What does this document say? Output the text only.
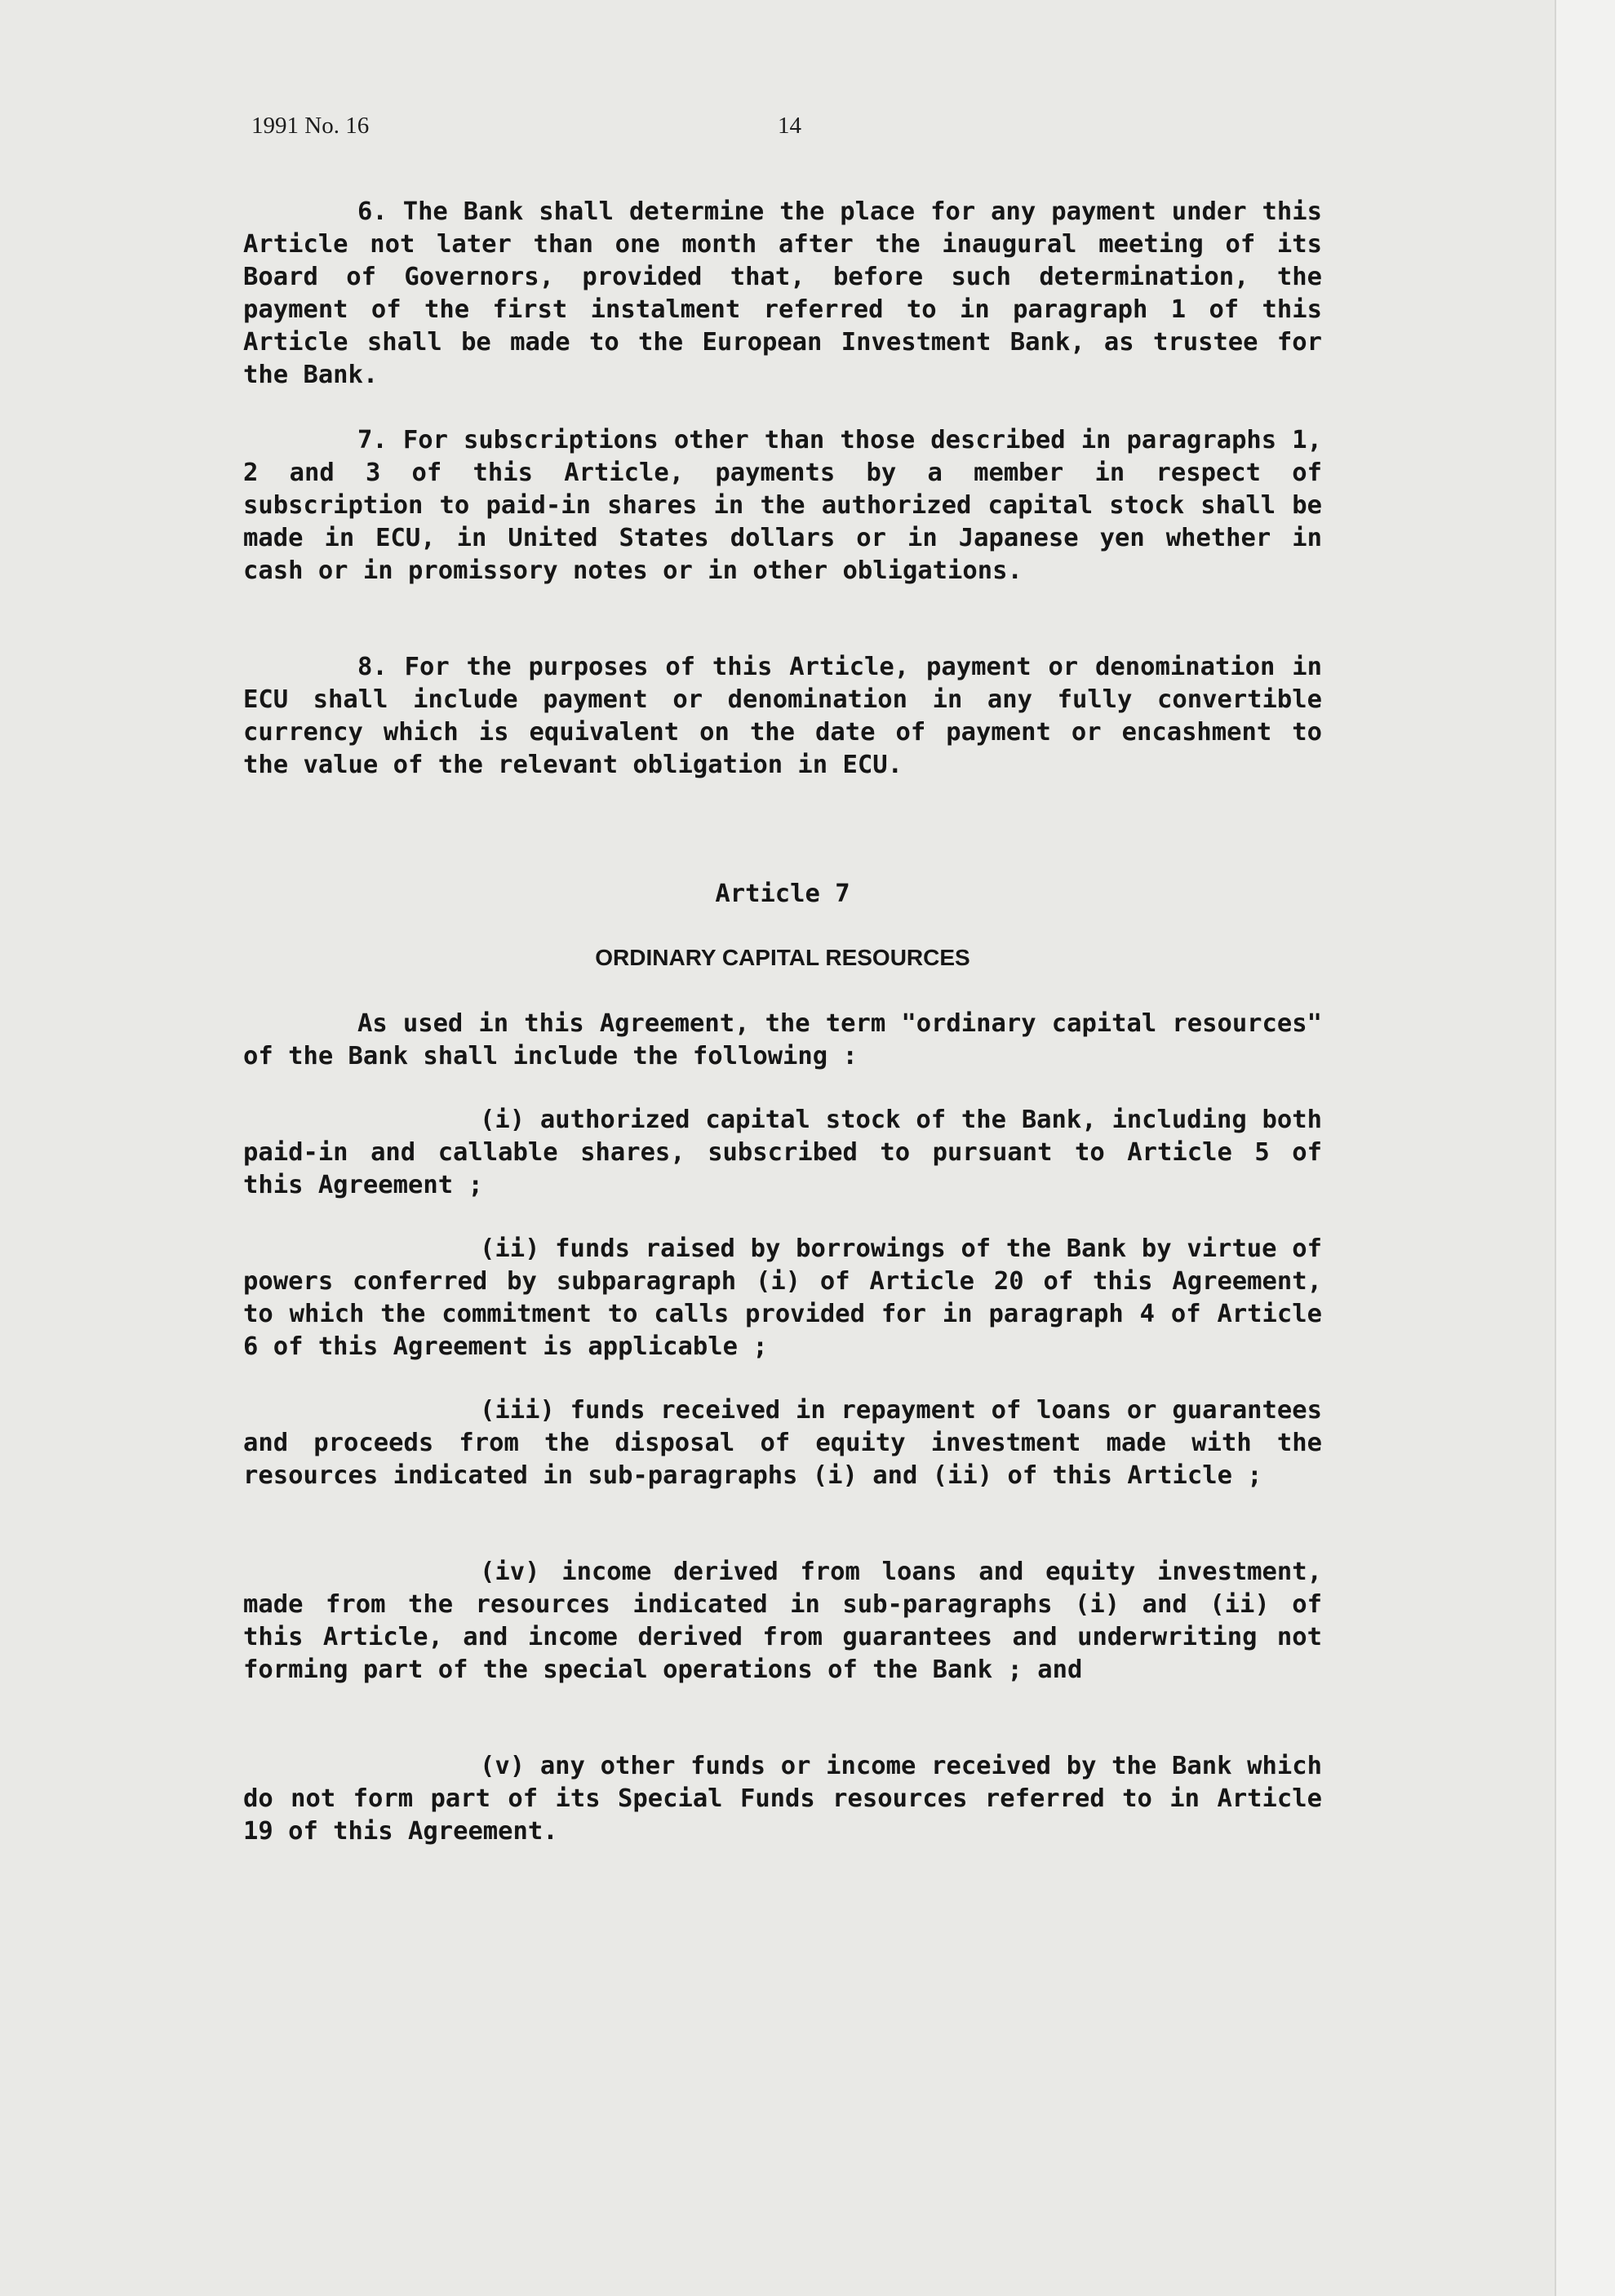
1991 No. 16	14

6. The Bank shall determine the place for any payment under this Article not later than one month after the inaugural meeting of its Board of Governors, provided that, before such determination, the payment of the first instalment referred to in paragraph 1 of this Article shall be made to the European Investment Bank, as trustee for the Bank.

7. For subscriptions other than those described in paragraphs 1, 2 and 3 of this Article, payments by a member in respect of subscription to paid-in shares in the authorized capital stock shall be made in ECU, in United States dollars or in Japanese yen whether in cash or in promissory notes or in other obligations.

8. For the purposes of this Article, payment or denomination in ECU shall include payment or denomination in any fully convertible currency which is equivalent on the date of payment or encashment to the value of the relevant obligation in ECU.

Article 7

ORDINARY CAPITAL RESOURCES

As used in this Agreement, the term "ordinary capital resources" of the Bank shall include the following :

(i) authorized capital stock of the Bank, including both paid-in and callable shares, subscribed to pursuant to Article 5 of this Agreement ;

(ii) funds raised by borrowings of the Bank by virtue of powers conferred by subparagraph (i) of Article 20 of this Agreement, to which the commitment to calls provided for in paragraph 4 of Article 6 of this Agreement is applicable ;

(iii) funds received in repayment of loans or guarantees and proceeds from the disposal of equity investment made with the resources indicated in sub-paragraphs (i) and (ii) of this Article ;

(iv) income derived from loans and equity investment, made from the resources indicated in sub-paragraphs (i) and (ii) of this Article, and income derived from guarantees and underwriting not forming part of the special operations of the Bank ; and

(v) any other funds or income received by the Bank which do not form part of its Special Funds resources referred to in Article 19 of this Agreement.
